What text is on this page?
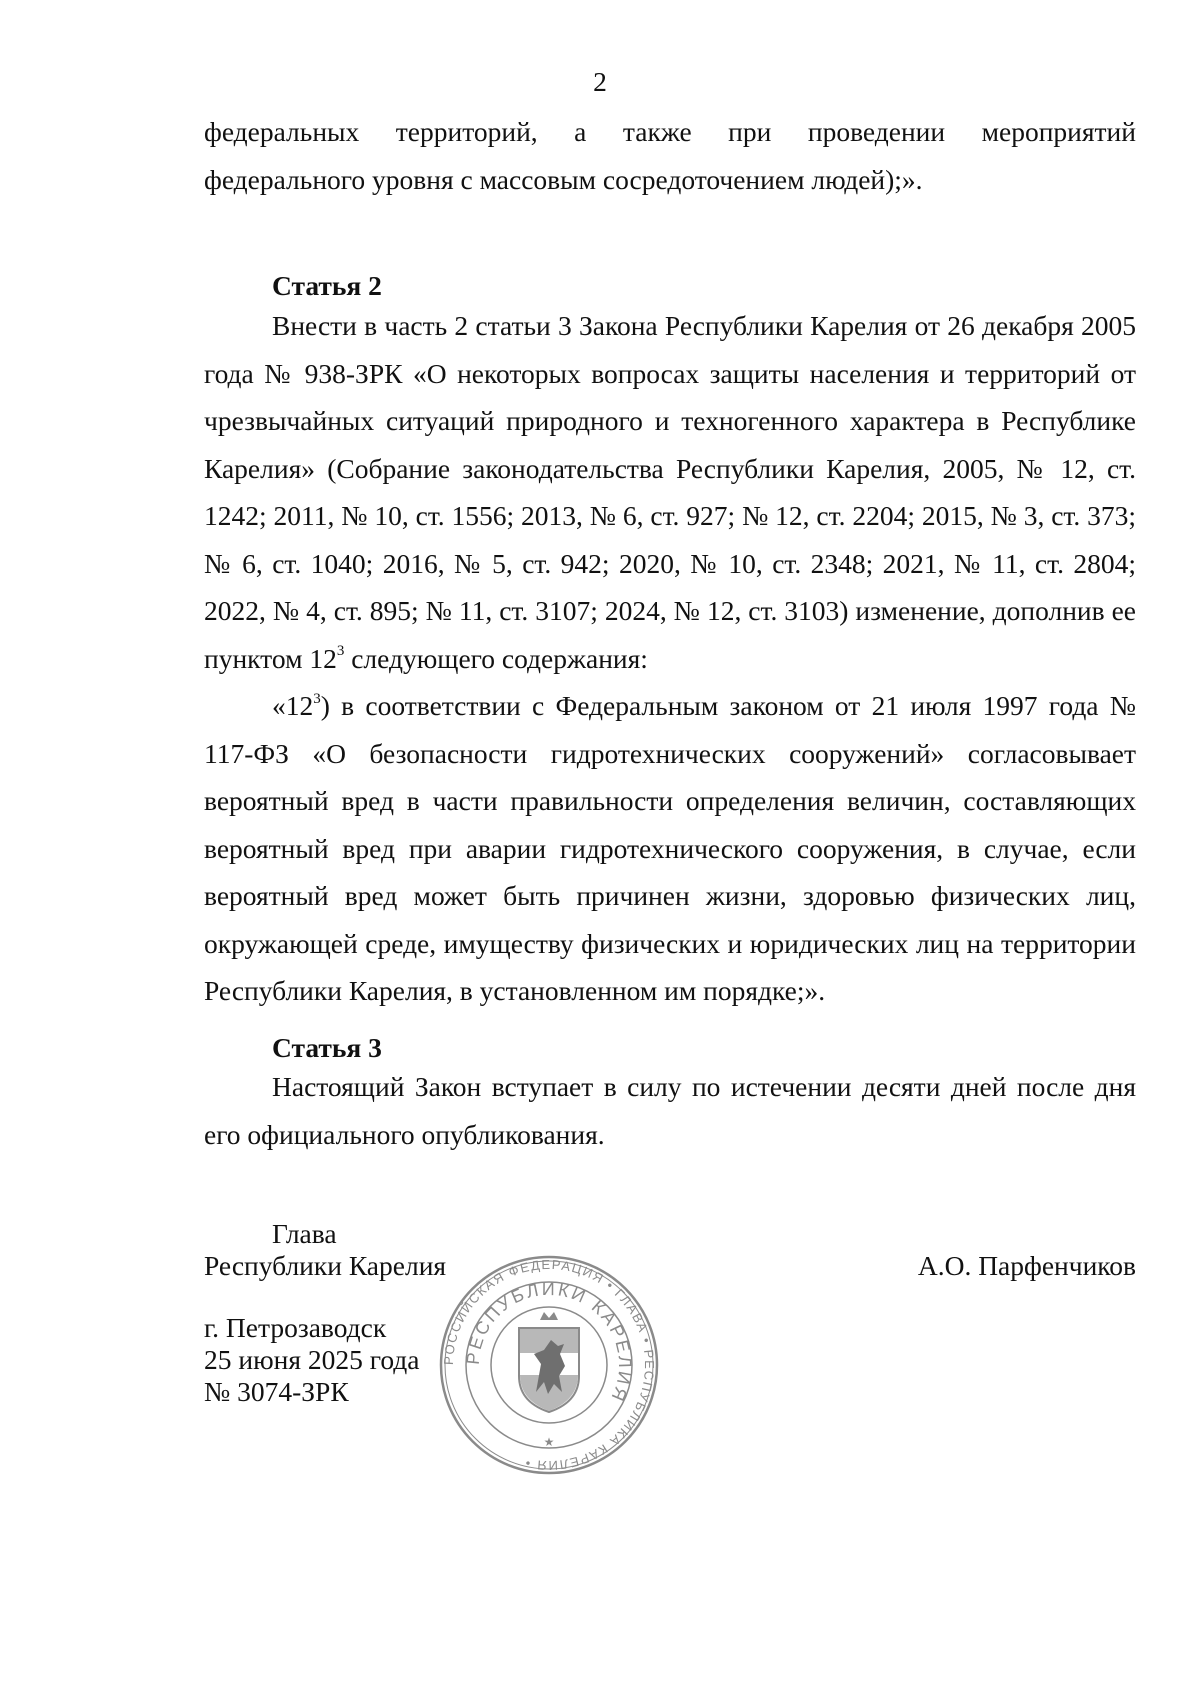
2

федеральных территорий, а также при проведении мероприятий

федерального уровня с массовым сосредоточением людей);».

Статья 2

Внести в часть 2 статьи 3 Закона Республики Карелия от 26 декабря 2005 года № 938-ЗРК «О некоторых вопросах защиты населения и территорий от чрезвычайных ситуаций природного и техногенного характера в Республике Карелия» (Собрание законодательства Республики Карелия, 2005, № 12, ст. 1242; 2011, № 10, ст. 1556; 2013, № 6, ст. 927; № 12, ст. 2204; 2015, № 3, ст. 373; № 6, ст. 1040; 2016, № 5, ст. 942; 2020, № 10, ст. 2348; 2021, № 11, ст. 2804; 2022, № 4, ст. 895; № 11, ст. 3107; 2024, № 12, ст. 3103) изменение, дополнив ее пунктом $12^3$ следующего содержания:

«$12^3$) в соответствии с Федеральным законом от 21 июля 1997 года № 117-ФЗ «О безопасности гидротехнических сооружений» согласовывает вероятный вред в части правильности определения величин, составляющих вероятный вред при аварии гидротехнического сооружения, в случае, если вероятный вред может быть причинен жизни, здоровью физических лиц, окружающей среде, имуществу физических и юридических лиц на территории Республики Карелия, в установленном им порядке;».

Статья 3

Настоящий Закон вступает в силу по истечении десяти дней после дня его официального опубликования.

Глава
Республики Карелия	А.О. Парфенчиков
г. Петрозаводск
25 июня 2025 года
№ 3074-ЗРК
РОССИЙСКАЯ ФЕДЕРАЦИЯ • ГЛАВА • РЕСПУБЛИКА КАРЕЛИЯ •
РЕСПУБЛИКИ КАРЕЛИЯ
★
